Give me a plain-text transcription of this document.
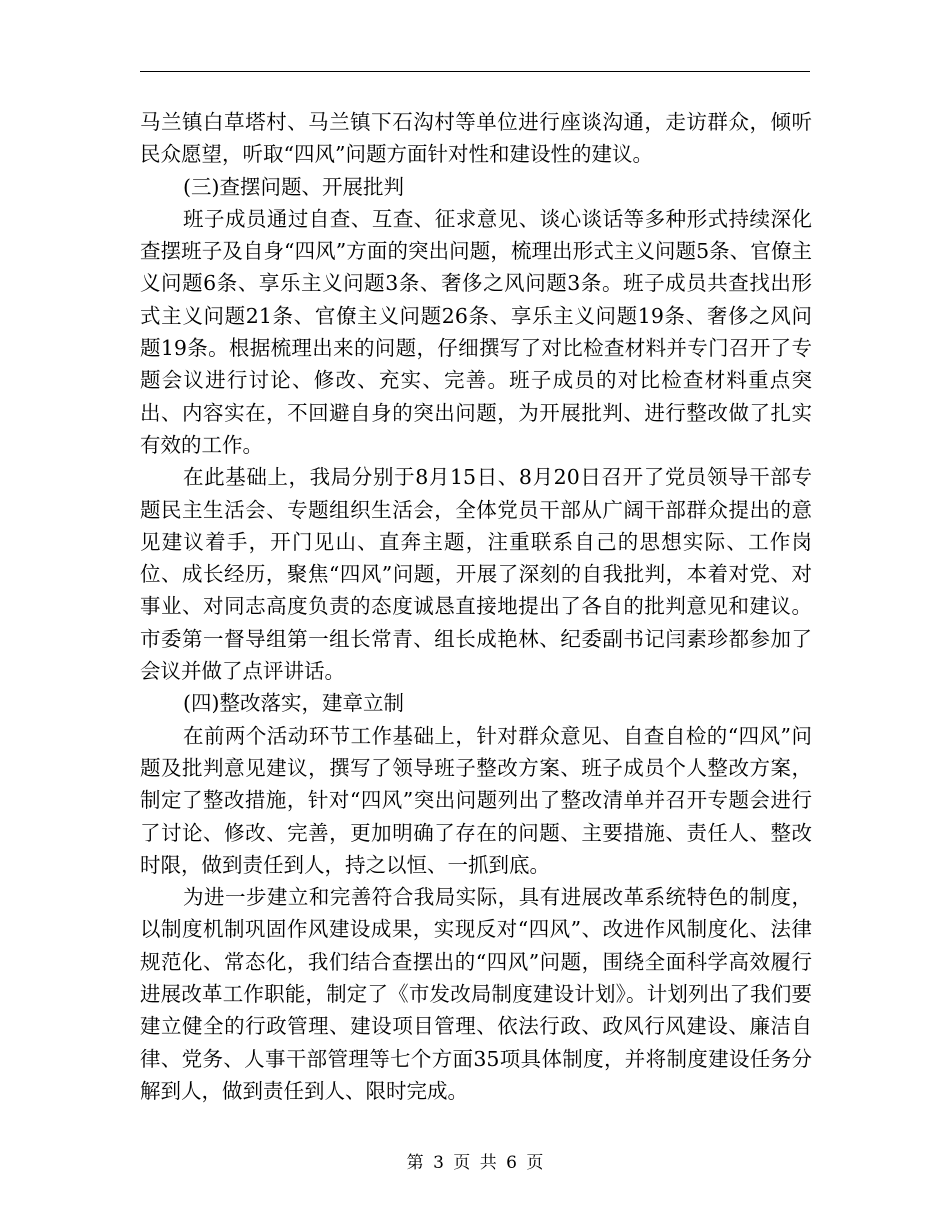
马兰镇白草塔村、马兰镇下石沟村等单位进行座谈沟通，走访群众，倾听民众愿望，听取“四风”问题方面针对性和建设性的建议。

(三)查摆问题、开展批判

班子成员通过自查、互查、征求意见、谈心谈话等多种形式持续深化查摆班子及自身“四风”方面的突出问题，梳理出形式主义问题5条、官僚主义问题6条、享乐主义问题3条、奢侈之风问题3条。班子成员共查找出形式主义问题21条、官僚主义问题26条、享乐主义问题19条、奢侈之风问题19条。根据梳理出来的问题，仔细撰写了对比检查材料并专门召开了专题会议进行讨论、修改、充实、完善。班子成员的对比检查材料重点突出、内容实在，不回避自身的突出问题，为开展批判、进行整改做了扎实有效的工作。

在此基础上，我局分别于8月15日、8月20日召开了党员领导干部专题民主生活会、专题组织生活会，全体党员干部从广阔干部群众提出的意见建议着手，开门见山、直奔主题，注重联系自己的思想实际、工作岗位、成长经历，聚焦“四风”问题，开展了深刻的自我批判，本着对党、对事业、对同志高度负责的态度诚恳直接地提出了各自的批判意见和建议。市委第一督导组第一组长常青、组长成艳林、纪委副书记闫素珍都参加了会议并做了点评讲话。

(四)整改落实，建章立制

在前两个活动环节工作基础上，针对群众意见、自查自检的“四风”问题及批判意见建议，撰写了领导班子整改方案、班子成员个人整改方案，制定了整改措施，针对“四风”突出问题列出了整改清单并召开专题会进行了讨论、修改、完善，更加明确了存在的问题、主要措施、责任人、整改时限，做到责任到人，持之以恒、一抓到底。

为进一步建立和完善符合我局实际，具有进展改革系统特色的制度，以制度机制巩固作风建设成果，实现反对“四风”、改进作风制度化、法律规范化、常态化，我们结合查摆出的“四风”问题，围绕全面科学高效履行进展改革工作职能，制定了《市发改局制度建设计划》。计划列出了我们要建立健全的行政管理、建设项目管理、依法行政、政风行风建设、廉洁自律、党务、人事干部管理等七个方面35项具体制度，并将制度建设任务分解到人，做到责任到人、限时完成。

第 3 页 共 6 页
